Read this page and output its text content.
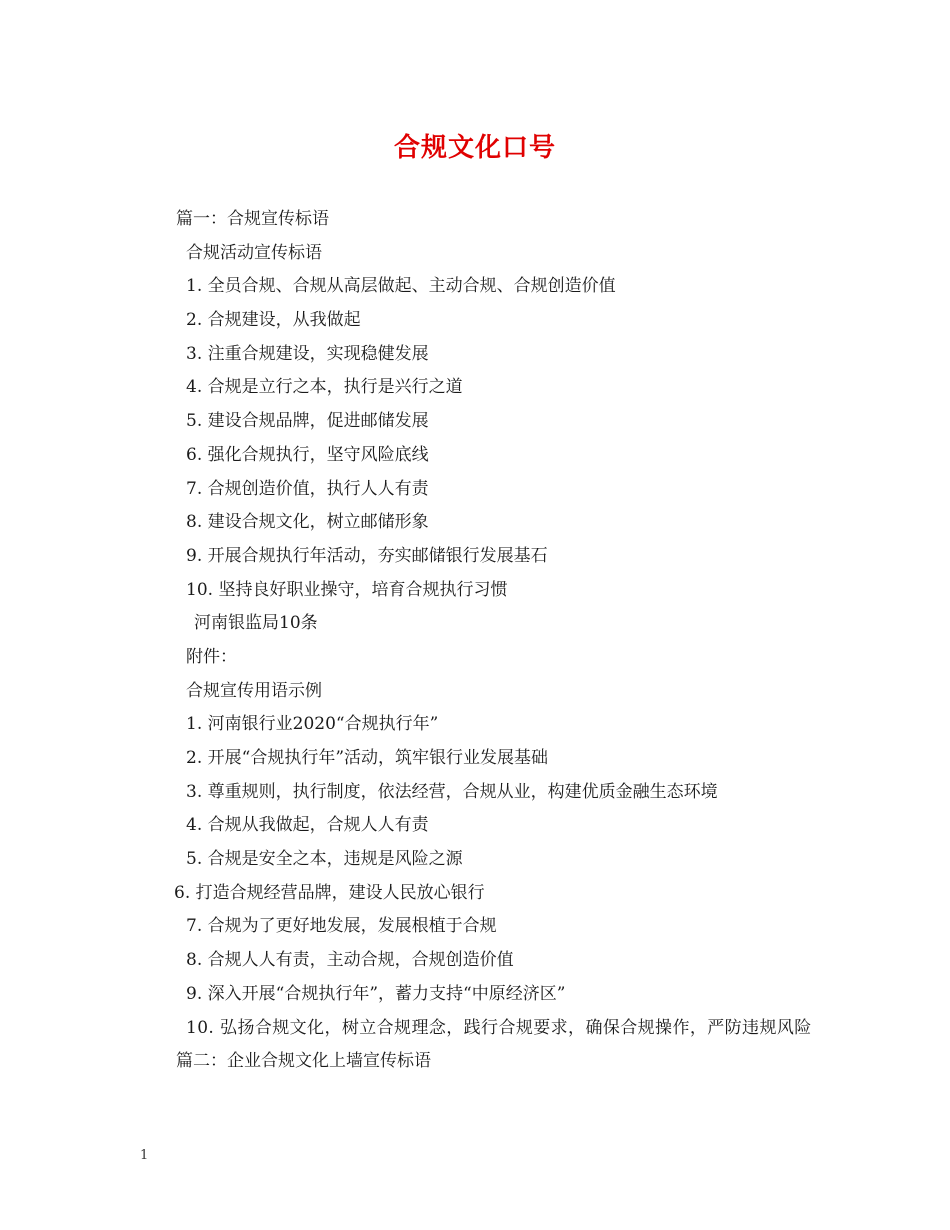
合规文化口号
篇一：合规宣传标语
合规活动宣传标语
1. 全员合规、合规从高层做起、主动合规、合规创造价值
2. 合规建设，从我做起
3. 注重合规建设，实现稳健发展
4. 合规是立行之本，执行是兴行之道
5. 建设合规品牌，促进邮储发展
6. 强化合规执行，坚守风险底线
7. 合规创造价值，执行人人有责
8. 建设合规文化，树立邮储形象
9. 开展合规执行年活动，夯实邮储银行发展基石
10. 坚持良好职业操守，培育合规执行习惯
河南银监局10条
附件：
合规宣传用语示例
1. 河南银行业2020“合规执行年”
2. 开展“合规执行年”活动，筑牢银行业发展基础
3. 尊重规则，执行制度，依法经营，合规从业，构建优质金融生态环境
4. 合规从我做起，合规人人有责
5. 合规是安全之本，违规是风险之源
6. 打造合规经营品牌，建设人民放心银行
7. 合规为了更好地发展，发展根植于合规
8. 合规人人有责，主动合规，合规创造价值
9. 深入开展“合规执行年”，蓄力支持“中原经济区”
10. 弘扬合规文化，树立合规理念，践行合规要求，确保合规操作，严防违规风险
篇二：企业合规文化上墙宣传标语
1
